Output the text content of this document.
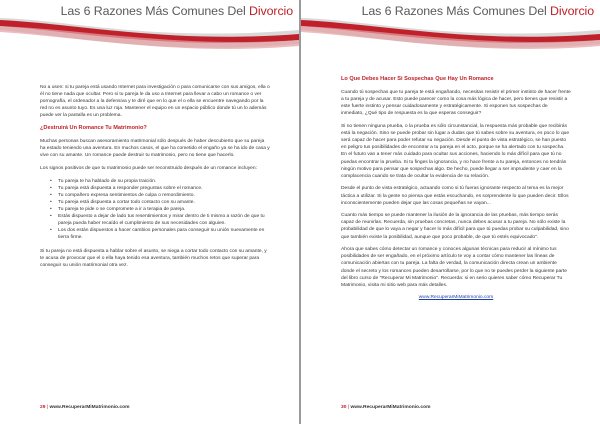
Las 6 Razones Más Comunes Del Divorcio

No a usen: si tu pareja está usando Internet para investigación o para comunicarse con sus amigos, ella o él no tiene nada que ocultar. Pero si tu pareja le da uso a Internet para llevar a cabo un romance o ver pornografía, el ordenador a la defensiva y te diré que en lo que el o ella se encuentre navegando por la red no es asunto tuyo. Es una luz roja. Mantener el equipo en un espacio público donde tú un lo además puede ver la pantalla es un problema.

¿Destruirá Un Romance Tu Matrimonio?

Muchas personas buscan asesoramiento matrimonial sólo después de haber descubierto que su pareja ha estado teniendo una aventura. En muchos casos, el que ha cometido el engaño ya se ha ido de casa y vive con su amante. Un romance puede destruir tu matrimonio, pero no tiene que hacerlo.

Los signos positivos de que tu matrimonio puede ser reconstruido después de un romance incluyen:

• Tu pareja te ha hablado de su propia traición.
• Tu pareja está dispuesta a responder preguntas sobre el romance.
• Tu compañero expresa sentimientos de culpa o remordimiento.
• Tu pareja está dispuesta a cortar todo contacto con su amante.
• Tu pareja te pide o se compromete a ir a terapia de pareja.
• Estás dispuesto a dejar de lado tus resentimientos y mirar dentro de ti mismo a razón de que tu pareja pueda haber recaído el cumplimiento de sus necesidades con alguien.
• Los dos están dispuestos a hacer cambios personales para conseguir su unión nuevamente en tierra firme.

Si tu pareja no está dispuesta a hablar sobre el asunto, se niega a cortar todo contacto con su amante, y te acusa de provocar que el o ella haya tenido esa aventura, también muchos retos que superar para conseguir su unión matrimonial otra vez.

29 | www.RecuperarMiMatrimonio.com
Las 6 Razones Más Comunes Del Divorcio

Lo Que Debes Hacer Si Sospechas Que Hay Un Romance

Cuando tú sospechas que tu pareja te está engañando, necesitas resistir el primer instinto de hacer frente a tu pareja y de acusar. Esto puede parecer como la cosa más lógica de hacer, pero tienes que resistir a este fuerte instinto y pensar cuidadosamente y estratégicamente. Si esponen tus sospechas de inmediato, ¿Qué tipo de respuesta es la que esperas conseguir?

Si no tienen ninguna prueba, o la prueba es sólo circunstancial, la respuesta más probable que recibirás está la negación. Sino se puede probar sin lugar a dudas que tú sabes sobre su aventura, es poco lo que será capaz de hacer para poder refutar su negación. Desde el punto de vista estratégico, se han puesto en peligro tus posibilidades de encontrar a tu pareja en el acto, porque se ha alertado con tu sospecha. En el futuro van a tener más cuidado para ocultar sus acciones, haciendo lo más difícil para que tú no puedas encontrar la prueba. Si tu finges la ignorancia, y no hace frente a tu pareja, entonces no tendrán ningún motivo para pensar que sospechas algo. De hecho, puede llegar a ser imprudente y caer en la complacencia cuando se trata de ocultar la evidencia de su relación.

Desde el punto de vista estratégico, actuando como si tú fueras ignorante respecto al tema es la mejor táctica a utilizar. Si la gente no piensa que estás escuchando, es sorprendente lo que pueden decir. Ellos inconscientemente pueden dejar que las cosas pequeñas se vayan...

Cuanto más tiempo se puede mantener la ilusión de la ignorancia de las pruebas, más tiempo serás capaz de reunirlas. Recuerda, sin pruebas concretas, nunca debes acusar a tu pareja. No sólo existe la probabilidad de que lo vaya a negar y hacer lo más difícil para que tú puedas probar su culpabilidad, sino que también existe la posibilidad, aunque que poco probable, de que tú estés equivocado".

Ahora que sabes cómo detectar un romance y conoces algunas técnicas para reducir al mínimo tus posibilidades de ser engañado, en el próximo artículo te voy a contar cómo mantener las líneas de comunicación abiertas con tu pareja. La falta de verdad, la comunicación directa crean un ambiente donde el secreto y los romances pueden desarrollarse, por lo que no te puedes perder la siguiente parte del libro curso de "Recuperar Mi Matrimonio". Recuerda: si en serio quieres saber cómo Recuperar Tu Matrimonio, visita mi sitio web para más detalles.

www.RecuperarMiMatrimonio.com

30 | www.RecuperarMiMatrimonio.com
